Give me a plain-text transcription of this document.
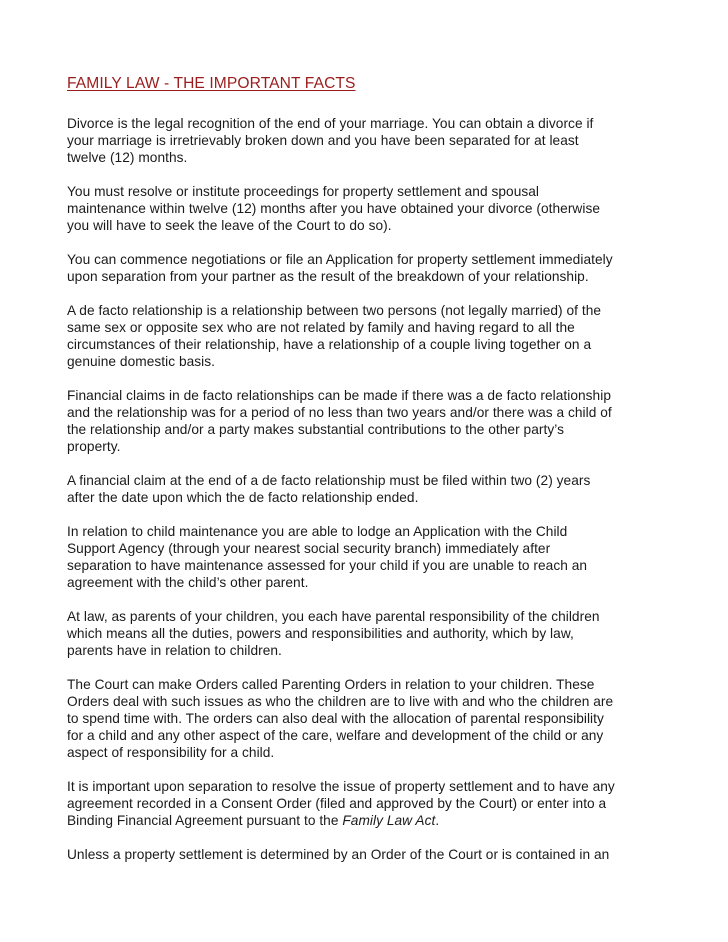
FAMILY LAW - THE IMPORTANT FACTS
Divorce is the legal recognition of the end of your marriage. You can obtain a divorce if
your marriage is irretrievably broken down and you have been separated for at least
twelve (12) months.
You must resolve or institute proceedings for property settlement and spousal
maintenance within twelve (12) months after you have obtained your divorce (otherwise
you will have to seek the leave of the Court to do so).
You can commence negotiations or file an Application for property settlement immediately
upon separation from your partner as the result of the breakdown of your relationship.
A de facto relationship is a relationship between two persons (not legally married) of the
same sex or opposite sex who are not related by family and having regard to all the
circumstances of their relationship, have a relationship of a couple living together on a
genuine domestic basis.
Financial claims in de facto relationships can be made if there was a de facto relationship
and the relationship was for a period of no less than two years and/or there was a child of
the relationship and/or a party makes substantial contributions to the other party’s
property.
A financial claim at the end of a de facto relationship must be filed within two (2) years
after the date upon which the de facto relationship ended.
In relation to child maintenance you are able to lodge an Application with the Child
Support Agency (through your nearest social security branch) immediately after
separation to have maintenance assessed for your child if you are unable to reach an
agreement with the child’s other parent.
At law, as parents of your children, you each have parental responsibility of the children
which means all the duties, powers and responsibilities and authority, which by law,
parents have in relation to children.
The Court can make Orders called Parenting Orders in relation to your children. These
Orders deal with such issues as who the children are to live with and who the children are
to spend time with. The orders can also deal with the allocation of parental responsibility
for a child and any other aspect of the care, welfare and development of the child or any
aspect of responsibility for a child.
It is important upon separation to resolve the issue of property settlement and to have any
agreement recorded in a Consent Order (filed and approved by the Court) or enter into a
Binding Financial Agreement pursuant to the Family Law Act.
Unless a property settlement is determined by an Order of the Court or is contained in an
